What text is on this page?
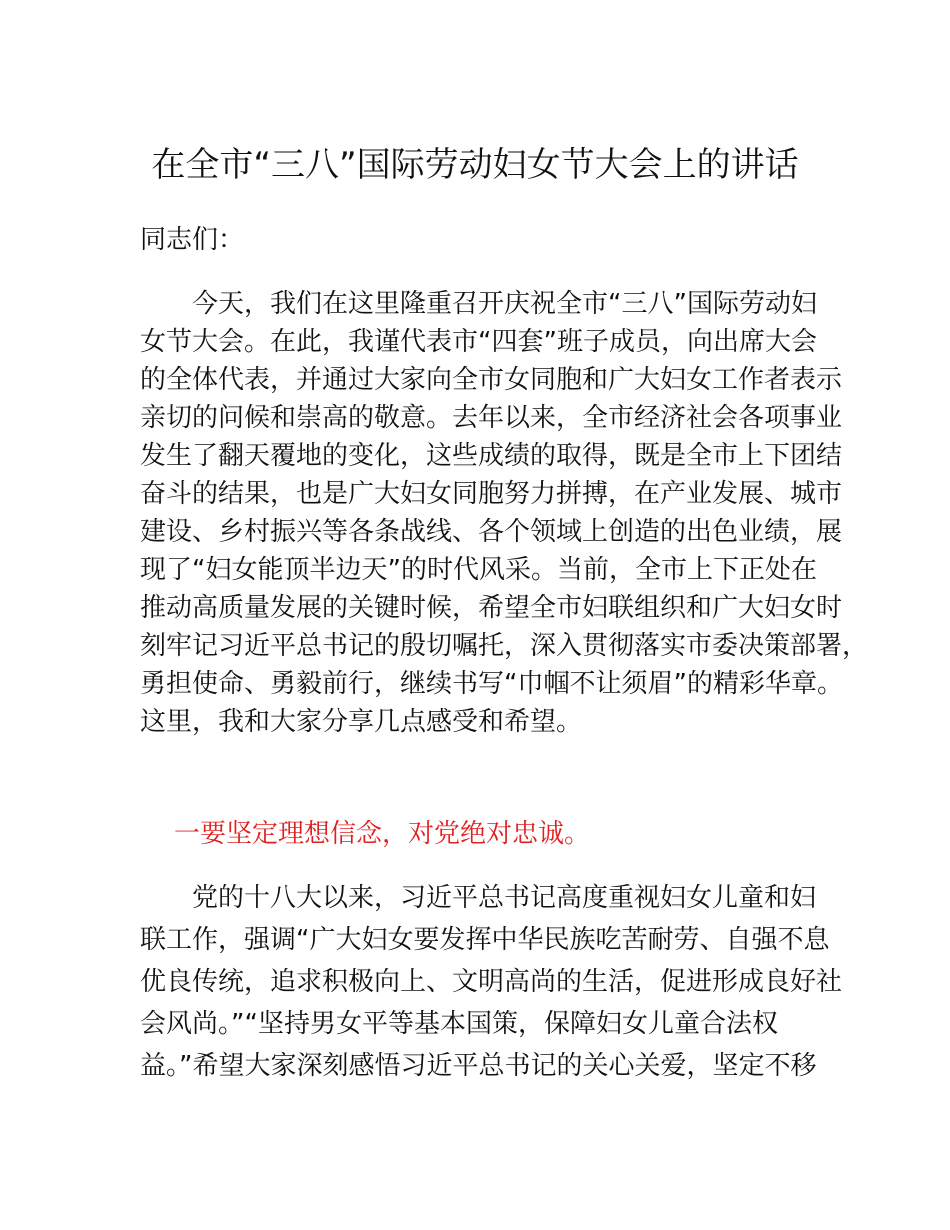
在全市“三八”国际劳动妇女节大会上的讲话
同志们：
今天，我们在这里隆重召开庆祝全市“三八”国际劳动妇
女节大会。在此，我谨代表市“四套”班子成员，向出席大会
的全体代表，并通过大家向全市女同胞和广大妇女工作者表示
亲切的问候和崇高的敬意。去年以来，全市经济社会各项事业
发生了翻天覆地的变化，这些成绩的取得，既是全市上下团结
奋斗的结果，也是广大妇女同胞努力拼搏，在产业发展、城市
建设、乡村振兴等各条战线、各个领域上创造的出色业绩，展
现了“妇女能顶半边天”的时代风采。当前，全市上下正处在
推动高质量发展的关键时候，希望全市妇联组织和广大妇女时
刻牢记习近平总书记的殷切嘱托，深入贯彻落实市委决策部署，
勇担使命、勇毅前行，继续书写“巾帼不让须眉”的精彩华章。
这里，我和大家分享几点感受和希望。
一要坚定理想信念，对党绝对忠诚。
党的十八大以来，习近平总书记高度重视妇女儿童和妇
联工作，强调“广大妇女要发挥中华民族吃苦耐劳、自强不息
优良传统，追求积极向上、文明高尚的生活，促进形成良好社
会风尚。”“坚持男女平等基本国策，保障妇女儿童合法权
益。”希望大家深刻感悟习近平总书记的关心关爱，坚定不移
